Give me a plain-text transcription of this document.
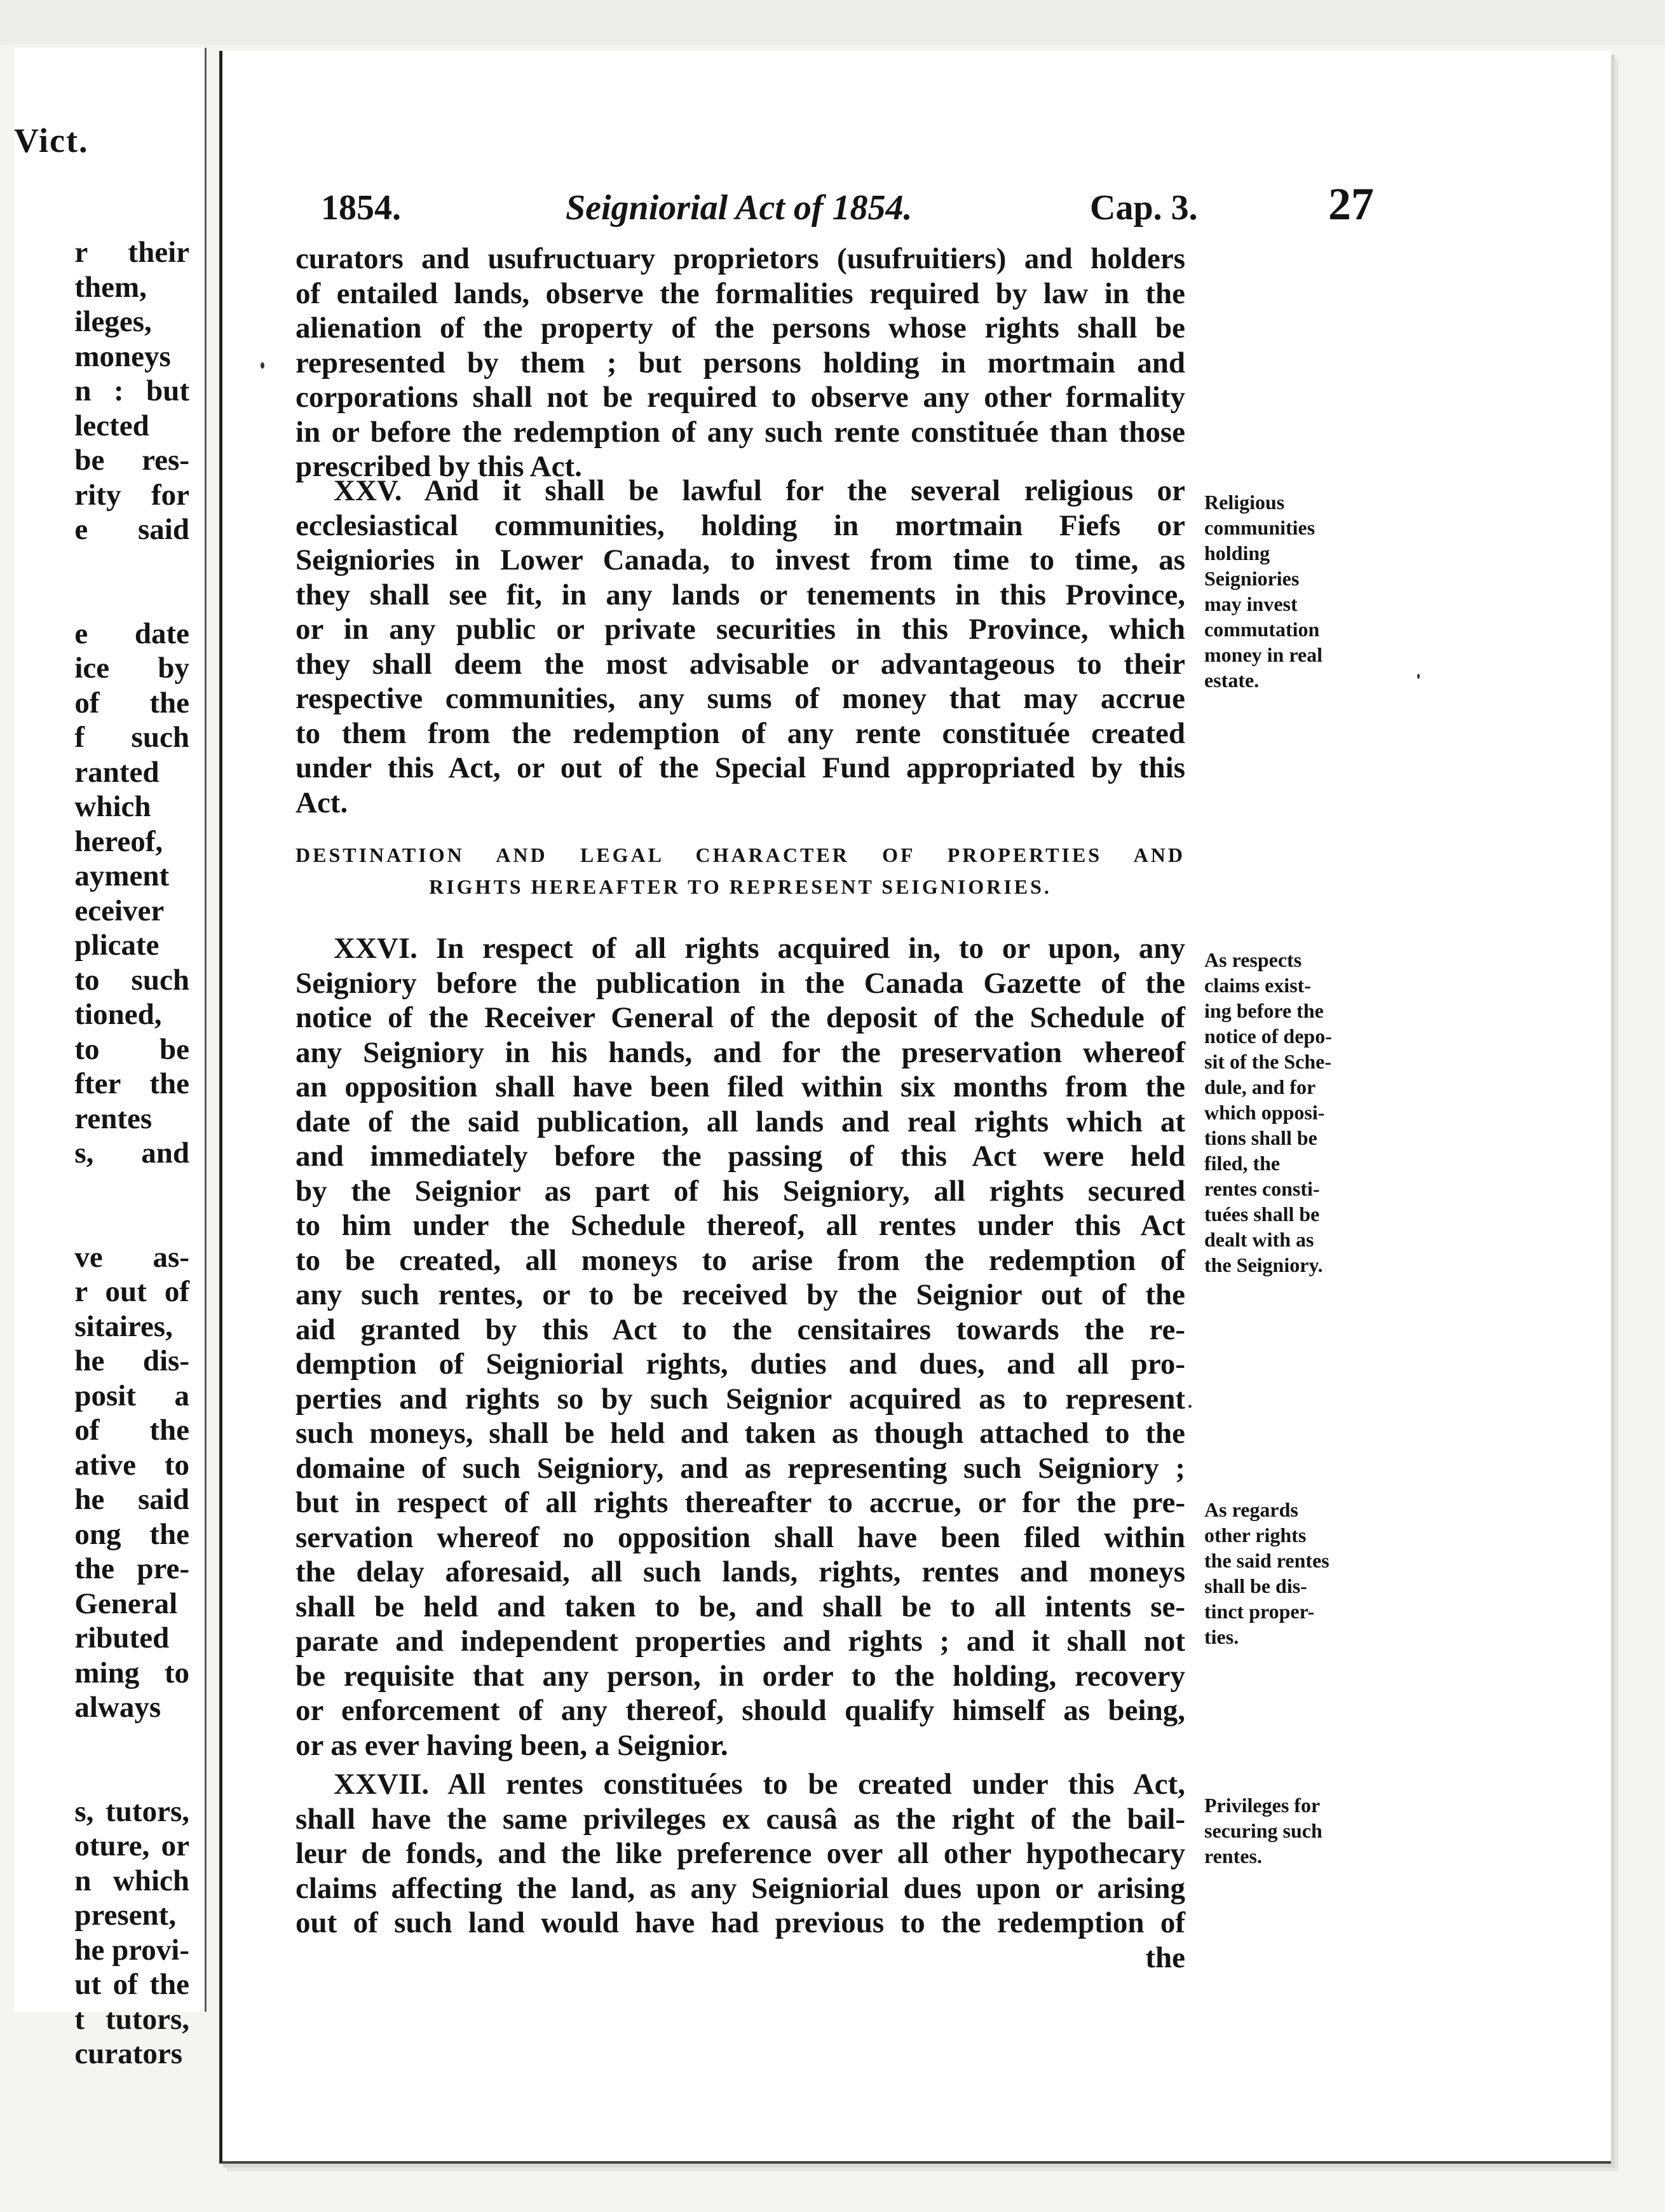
Vict.
r their
them,
ileges,
moneys
n : but
lected
be res-
rity for
e said
e date
ice by
of the
f such
ranted
which
hereof,
ayment
eceiver
plicate
to such
tioned,
to be
fter the
rentes
s, and
ve as-
r out of
sitaires,
he dis-
posit a
of the
ative to
he said
ong the
the pre-
General
ributed
ming to
always
s, tutors,
oture, or
n which
present,
he provi-
ut of the
t tutors,
curators
1854.	Seigniorial Act of 1854.	Cap. 3.	27
curators and usufructuary proprietors (usufruitiers) and holders
of entailed lands, observe the formalities required by law in the
alienation of the property of the persons whose rights shall be
represented by them ; but persons holding in mortmain and
corporations shall not be required to observe any other formality
in or before the redemption of any such rente constituée than those
prescribed by this Act.
XXV. And it shall be lawful for the several religious or
ecclesiastical communities, holding in mortmain Fiefs or
Seigniories in Lower Canada, to invest from time to time, as
they shall see fit, in any lands or tenements in this Province,
or in any public or private securities in this Province, which
they shall deem the most advisable or advantageous to their
respective communities, any sums of money that may accrue
to them from the redemption of any rente constituée created
under this Act, or out of the Special Fund appropriated by this
Act.
DESTINATION AND LEGAL CHARACTER OF PROPERTIES AND
RIGHTS HEREAFTER TO REPRESENT SEIGNIORIES.
XXVI. In respect of all rights acquired in, to or upon, any
Seigniory before the publication in the Canada Gazette of the
notice of the Receiver General of the deposit of the Schedule of
any Seigniory in his hands, and for the preservation whereof
an opposition shall have been filed within six months from the
date of the said publication, all lands and real rights which at
and immediately before the passing of this Act were held
by the Seignior as part of his Seigniory, all rights secured
to him under the Schedule thereof, all rentes under this Act
to be created, all moneys to arise from the redemption of
any such rentes, or to be received by the Seignior out of the
aid granted by this Act to the censitaires towards the re-
demption of Seigniorial rights, duties and dues, and all pro-
perties and rights so by such Seignior acquired as to represent
such moneys, shall be held and taken as though attached to the
domaine of such Seigniory, and as representing such Seigniory ;
but in respect of all rights thereafter to accrue, or for the pre-
servation whereof no opposition shall have been filed within
the delay aforesaid, all such lands, rights, rentes and moneys
shall be held and taken to be, and shall be to all intents se-
parate and independent properties and rights ; and it shall not
be requisite that any person, in order to the holding, recovery
or enforcement of any thereof, should qualify himself as being,
or as ever having been, a Seignior.
XXVII. All rentes constituées to be created under this Act,
shall have the same privileges ex causâ as the right of the bail-
leur de fonds, and the like preference over all other hypothecary
claims affecting the land, as any Seigniorial dues upon or arising
out of such land would have had previous to the redemption of
the
Religious
communities
holding
Seigniories
may invest
commutation
money in real
estate.
As respects
claims exist-
ing before the
notice of depo-
sit of the Sche-
dule, and for
which opposi-
tions shall be
filed, the
rentes consti-
tuées shall be
dealt with as
the Seigniory.
As regards
other rights
the said rentes
shall be dis-
tinct proper-
ties.
Privileges for
securing such
rentes.
